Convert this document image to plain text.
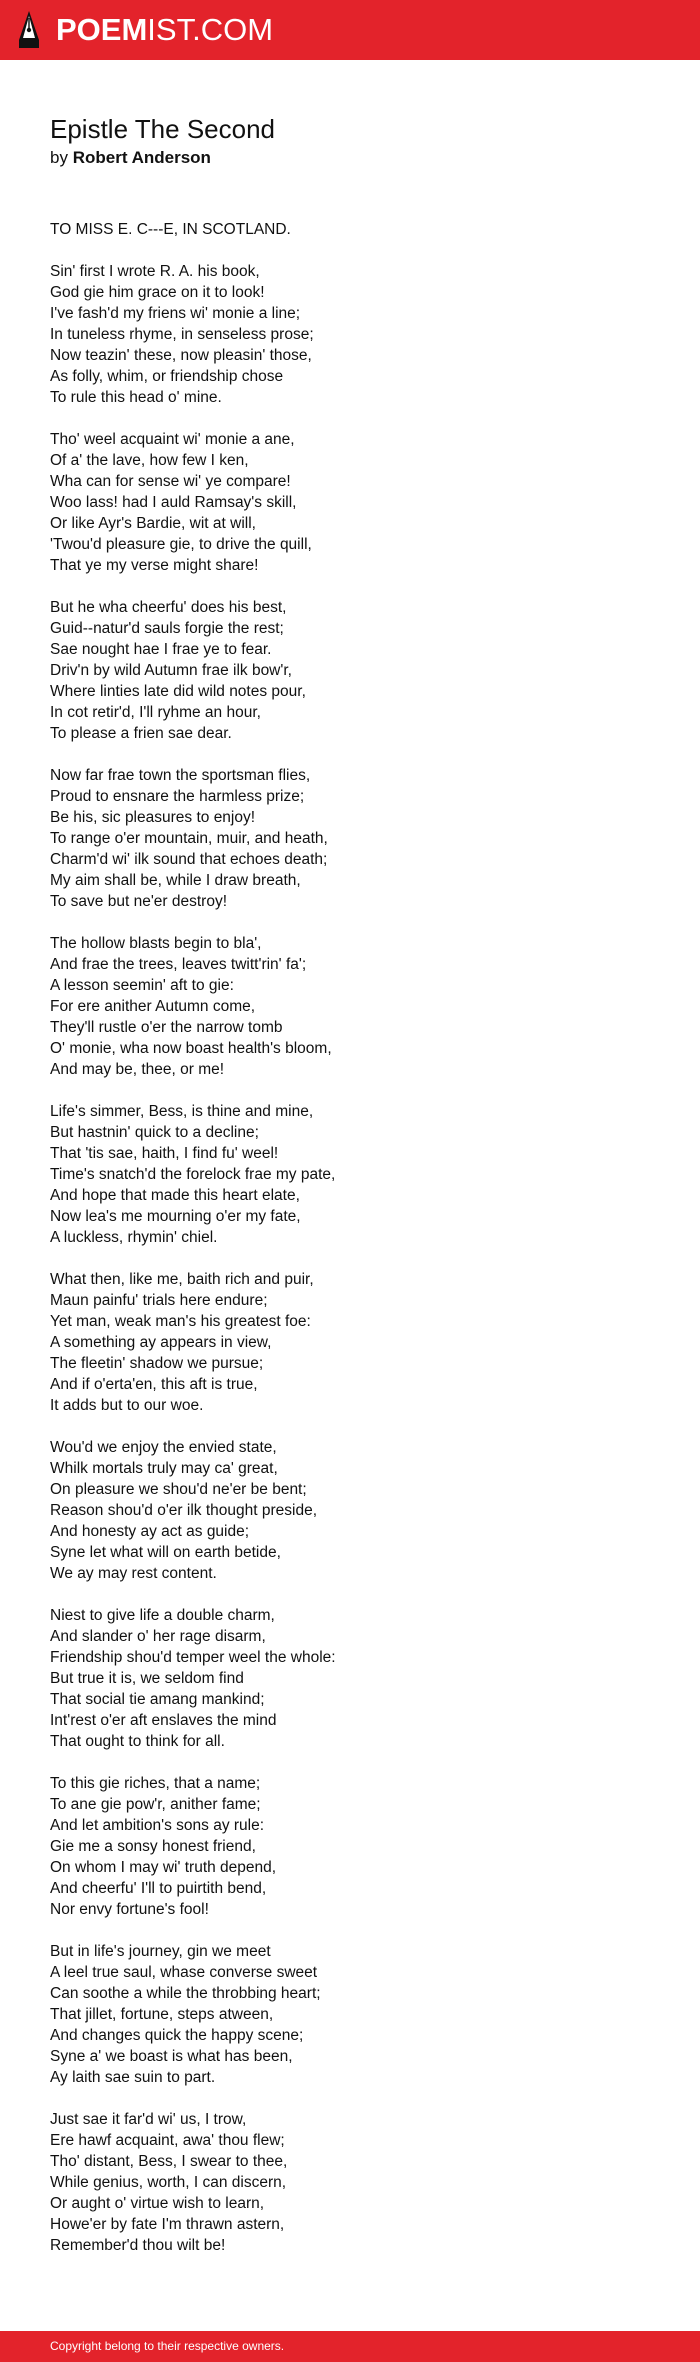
POEMIST.COM
Epistle The Second
by Robert Anderson
TO MISS E. C---E, IN SCOTLAND.
Sin' first I wrote R. A. his book,
God gie him grace on it to look!
I've fash'd my friens wi' monie a line;
In tuneless rhyme, in senseless prose;
Now teazin' these, now pleasin' those,
As folly, whim, or friendship chose
To rule this head o' mine.
Tho' weel acquaint wi' monie a ane,
Of a' the lave, how few I ken,
Wha can for sense wi' ye compare!
Woo lass! had I auld Ramsay's skill,
Or like Ayr's Bardie, wit at will,
'Twou'd pleasure gie, to drive the quill,
That ye my verse might share!
But he wha cheerfu' does his best,
Guid--natur'd sauls forgie the rest;
Sae nought hae I frae ye to fear.
Driv'n by wild Autumn frae ilk bow'r,
Where linties late did wild notes pour,
In cot retir'd, I'll ryhme an hour,
To please a frien sae dear.
Now far frae town the sportsman flies,
Proud to ensnare the harmless prize;
Be his, sic pleasures to enjoy!
To range o'er mountain, muir, and heath,
Charm'd wi' ilk sound that echoes death;
My aim shall be, while I draw breath,
To save but ne'er destroy!
The hollow blasts begin to bla',
And frae the trees, leaves twitt'rin' fa';
A lesson seemin' aft to gie:
For ere anither Autumn come,
They'll rustle o'er the narrow tomb
O' monie, wha now boast health's bloom,
And may be, thee, or me!
Life's simmer, Bess, is thine and mine,
But hastnin' quick to a decline;
That 'tis sae, haith, I find fu' weel!
Time's snatch'd the forelock frae my pate,
And hope that made this heart elate,
Now lea's me mourning o'er my fate,
A luckless, rhymin' chiel.
What then, like me, baith rich and puir,
Maun painfu' trials here endure;
Yet man, weak man's his greatest foe:
A something ay appears in view,
The fleetin' shadow we pursue;
And if o'erta'en, this aft is true,
It adds but to our woe.
Wou'd we enjoy the envied state,
Whilk mortals truly may ca' great,
On pleasure we shou'd ne'er be bent;
Reason shou'd o'er ilk thought preside,
And honesty ay act as guide;
Syne let what will on earth betide,
We ay may rest content.
Niest to give life a double charm,
And slander o' her rage disarm,
Friendship shou'd temper weel the whole:
But true it is, we seldom find
That social tie amang mankind;
Int'rest o'er aft enslaves the mind
That ought to think for all.
To this gie riches, that a name;
To ane gie pow'r, anither fame;
And let ambition's sons ay rule:
Gie me a sonsy honest friend,
On whom I may wi' truth depend,
And cheerfu' I'll to puirtith bend,
Nor envy fortune's fool!
But in life's journey, gin we meet
A leel true saul, whase converse sweet
Can soothe a while the throbbing heart;
That jillet, fortune, steps atween,
And changes quick the happy scene;
Syne a' we boast is what has been,
Ay laith sae suin to part.
Just sae it far'd wi' us, I trow,
Ere hawf acquaint, awa' thou flew;
Tho' distant, Bess, I swear to thee,
While genius, worth, I can discern,
Or aught o' virtue wish to learn,
Howe'er by fate I'm thrawn astern,
Remember'd thou wilt be!
Copyright belong to their respective owners.
